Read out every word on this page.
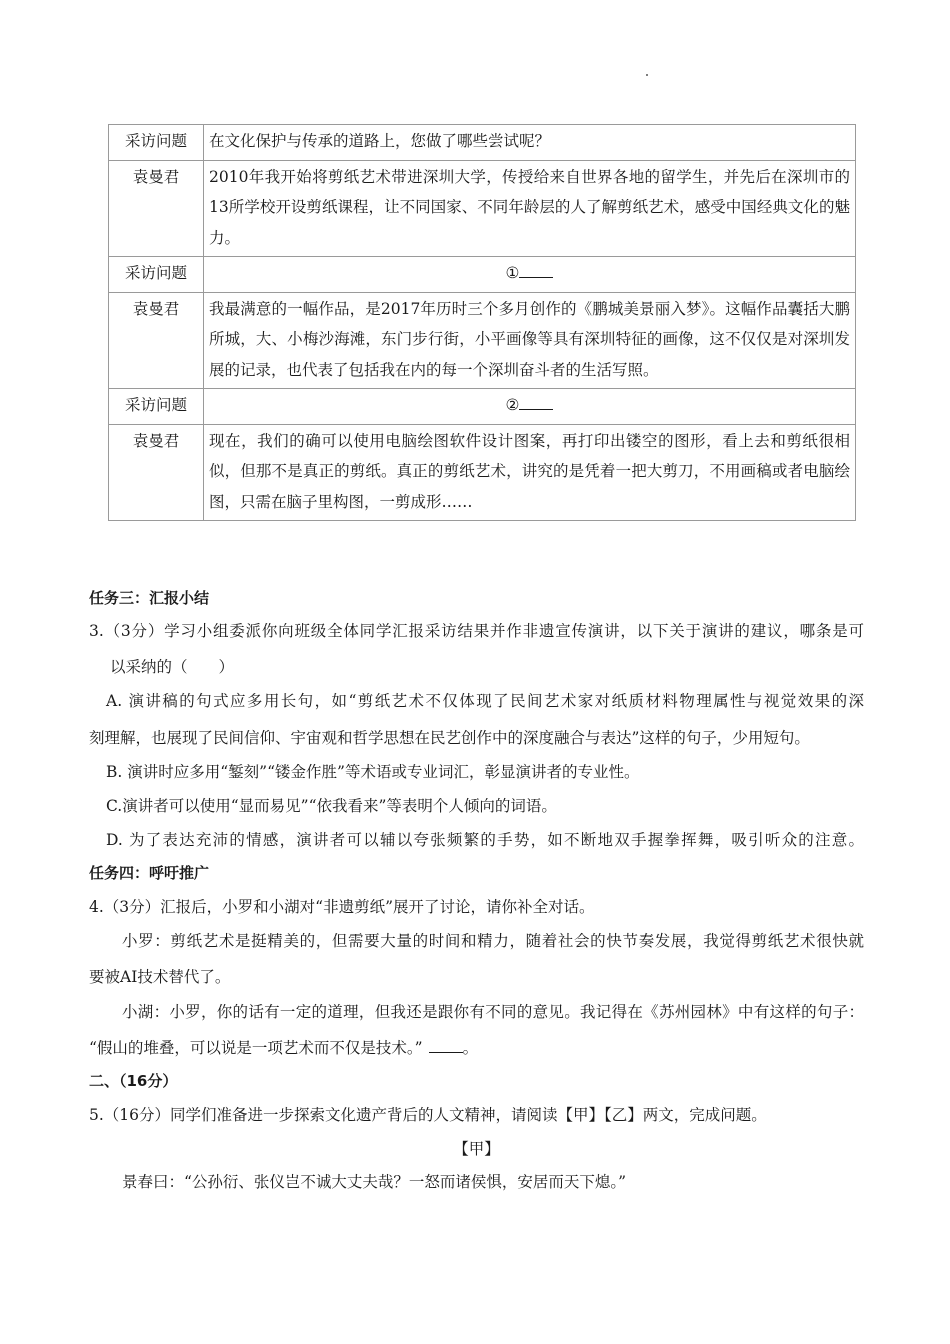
采访问题	在文化保护与传承的道路上，您做了哪些尝试呢？
袁曼君	2010年我开始将剪纸艺术带进深圳大学，传授给来自世界各地的留学生，并先后在深圳市的13所学校开设剪纸课程，让不同国家、不同年龄层的人了解剪纸艺术，感受中国经典文化的魅力。
采访问题	①
袁曼君	我最满意的一幅作品，是2017年历时三个多月创作的《鹏城美景丽入梦》。这幅作品囊括大鹏所城，大、小梅沙海滩，东门步行街，小平画像等具有深圳特征的画像，这不仅仅是对深圳发展的记录，也代表了包括我在内的每一个深圳奋斗者的生活写照。
采访问题	②
袁曼君	现在，我们的确可以使用电脑绘图软件设计图案，再打印出镂空的图形，看上去和剪纸很相似，但那不是真正的剪纸。真正的剪纸艺术，讲究的是凭着一把大剪刀，不用画稿或者电脑绘图，只需在脑子里构图，一剪成形……
任务三：汇报小结
3.（3分）学习小组委派你向班级全体同学汇报采访结果并作非遗宣传演讲，以下关于演讲的建议，哪条是可
以采纳的（　　）
A. 演讲稿的句式应多用长句，如“剪纸艺术不仅体现了民间艺术家对纸质材料物理属性与视觉效果的深
刻理解，也展现了民间信仰、宇宙观和哲学思想在民艺创作中的深度融合与表达”这样的句子，少用短句。
B. 演讲时应多用“錾刻”“镂金作胜”等术语或专业词汇，彰显演讲者的专业性。
C.演讲者可以使用“显而易见”“依我看来”等表明个人倾向的词语。
D. 为了表达充沛的情感，演讲者可以辅以夸张频繁的手势，如不断地双手握拳挥舞，吸引听众的注意。
任务四：呼吁推广
4.（3分）汇报后，小罗和小湖对“非遗剪纸”展开了讨论，请你补全对话。
小罗：剪纸艺术是挺精美的，但需要大量的时间和精力，随着社会的快节奏发展，我觉得剪纸艺术很快就
要被AI技术替代了。
小湖：小罗，你的话有一定的道理，但我还是跟你有不同的意见。我记得在《苏州园林》中有这样的句子：
“假山的堆叠，可以说是一项艺术而不仅是技术。”	。
二、（16分）
5.（16分）同学们准备进一步探索文化遗产背后的人文精神，请阅读【甲】【乙】两文，完成问题。
【甲】
景春曰：“公孙衍、张仪岂不诚大丈夫哉？一怒而诸侯惧，安居而天下熄。”
